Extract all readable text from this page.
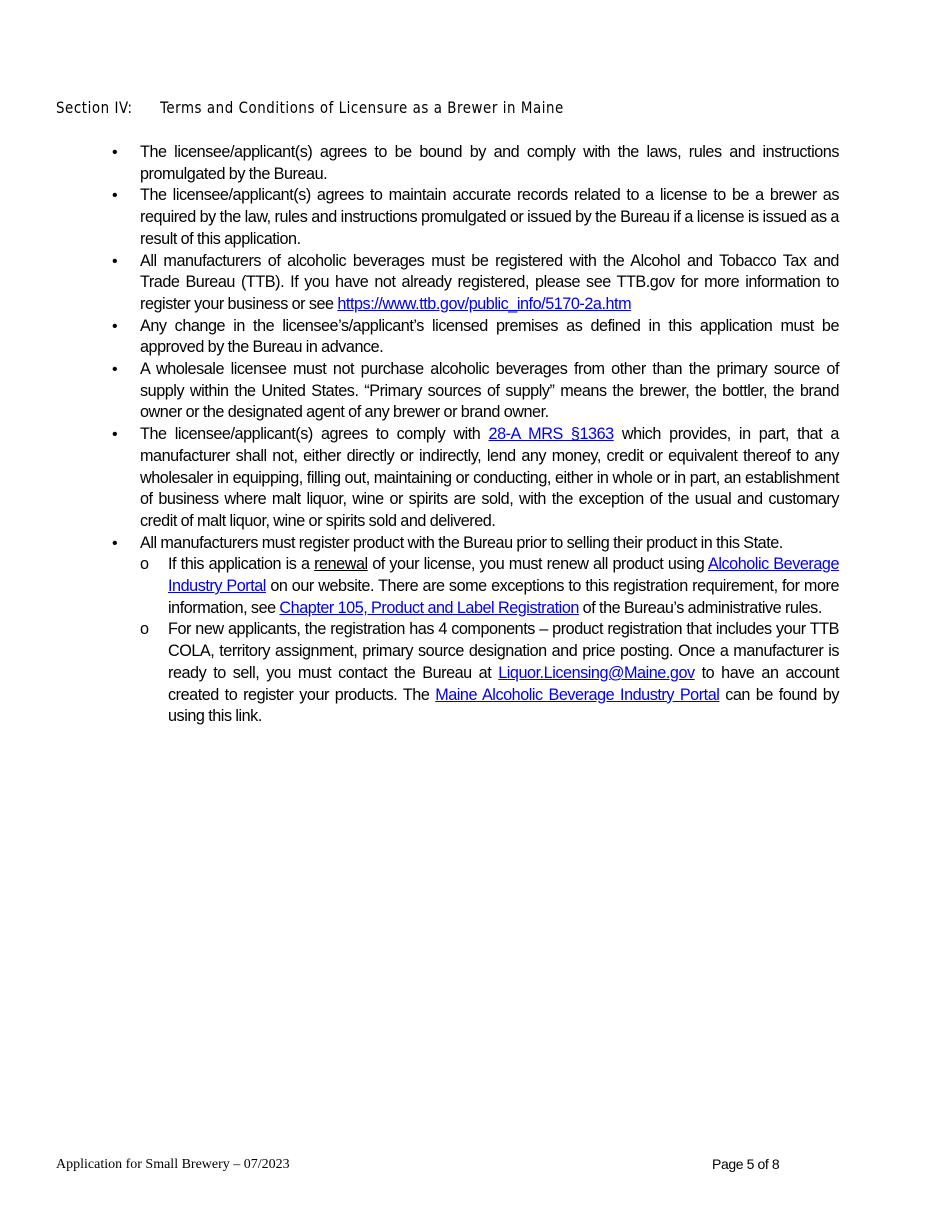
Section IV: Terms and Conditions of Licensure as a Brewer in Maine
• The licensee/applicant(s) agrees to be bound by and comply with the laws, rules and instructions promulgated by the Bureau.
• The licensee/applicant(s) agrees to maintain accurate records related to a license to be a brewer as required by the law, rules and instructions promulgated or issued by the Bureau if a license is issued as a result of this application.
• All manufacturers of alcoholic beverages must be registered with the Alcohol and Tobacco Tax and Trade Bureau (TTB). If you have not already registered, please see TTB.gov for more information to register your business or see https://www.ttb.gov/public_info/5170-2a.htm
• Any change in the licensee’s/applicant’s licensed premises as defined in this application must be approved by the Bureau in advance.
• A wholesale licensee must not purchase alcoholic beverages from other than the primary source of supply within the United States. “Primary sources of supply” means the brewer, the bottler, the brand owner or the designated agent of any brewer or brand owner.
• The licensee/applicant(s) agrees to comply with 28-A MRS §1363 which provides, in part, that a manufacturer shall not, either directly or indirectly, lend any money, credit or equivalent thereof to any wholesaler in equipping, filling out, maintaining or conducting, either in whole or in part, an establishment of business where malt liquor, wine or spirits are sold, with the exception of the usual and customary credit of malt liquor, wine or spirits sold and delivered.
• All manufacturers must register product with the Bureau prior to selling their product in this State.
o If this application is a renewal of your license, you must renew all product using Alcoholic Beverage Industry Portal on our website. There are some exceptions to this registration requirement, for more information, see Chapter 105, Product and Label Registration of the Bureau’s administrative rules.
o For new applicants, the registration has 4 components – product registration that includes your TTB COLA, territory assignment, primary source designation and price posting. Once a manufacturer is ready to sell, you must contact the Bureau at Liquor.Licensing@Maine.gov to have an account created to register your products. The Maine Alcoholic Beverage Industry Portal can be found by using this link.
Application for Small Brewery – 07/2023	Page 5 of 8
